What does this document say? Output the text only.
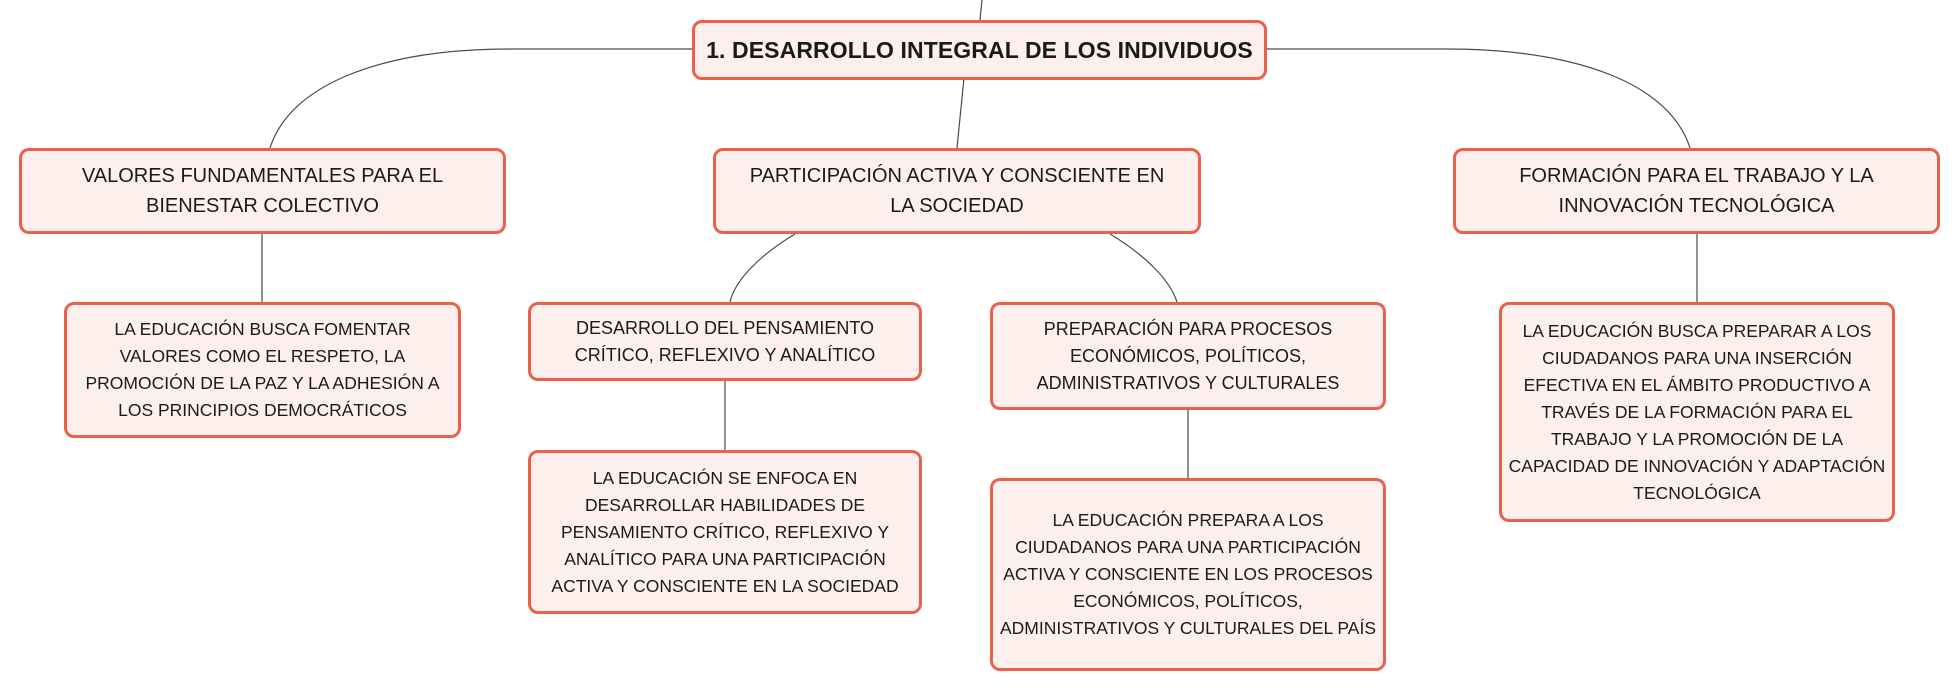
1. DESARROLLO INTEGRAL DE LOS INDIVIDUOS
VALORES FUNDAMENTALES PARA EL BIENESTAR COLECTIVO
PARTICIPACIÓN ACTIVA Y CONSCIENTE EN LA SOCIEDAD
FORMACIÓN PARA EL TRABAJO Y LA INNOVACIÓN TECNOLÓGICA
LA EDUCACIÓN BUSCA FOMENTAR VALORES COMO EL RESPETO, LA PROMOCIÓN DE LA PAZ Y LA ADHESIÓN A LOS PRINCIPIOS DEMOCRÁTICOS
DESARROLLO DEL PENSAMIENTO CRÍTICO, REFLEXIVO Y ANALÍTICO
PREPARACIÓN PARA PROCESOS ECONÓMICOS, POLÍTICOS, ADMINISTRATIVOS Y CULTURALES
LA EDUCACIÓN SE ENFOCA EN DESARROLLAR HABILIDADES DE PENSAMIENTO CRÍTICO, REFLEXIVO Y ANALÍTICO PARA UNA PARTICIPACIÓN ACTIVA Y CONSCIENTE EN LA SOCIEDAD
LA EDUCACIÓN PREPARA A LOS CIUDADANOS PARA UNA PARTICIPACIÓN ACTIVA Y CONSCIENTE EN LOS PROCESOS ECONÓMICOS, POLÍTICOS, ADMINISTRATIVOS Y CULTURALES DEL PAÍS
LA EDUCACIÓN BUSCA PREPARAR A LOS CIUDADANOS PARA UNA INSERCIÓN EFECTIVA EN EL ÁMBITO PRODUCTIVO A TRAVÉS DE LA FORMACIÓN PARA EL TRABAJO Y LA PROMOCIÓN DE LA CAPACIDAD DE INNOVACIÓN Y ADAPTACIÓN TECNOLÓGICA
